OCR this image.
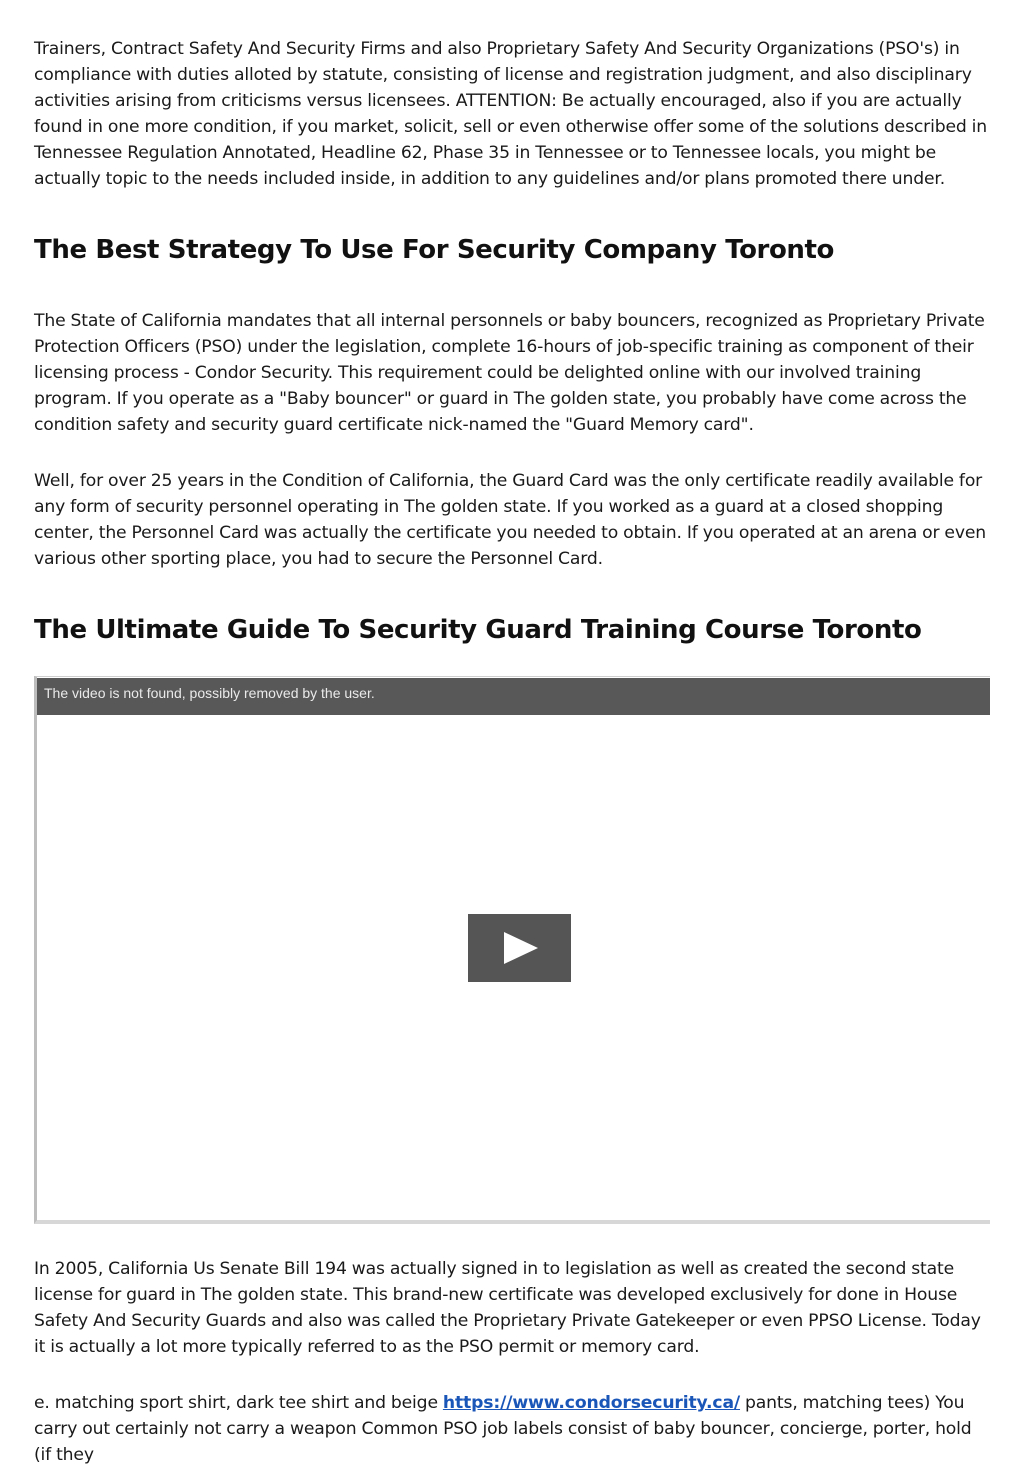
Trainers, Contract Safety And Security Firms and also Proprietary Safety And Security Organizations (PSO's) in compliance with duties alloted by statute, consisting of license and registration judgment, and also disciplinary activities arising from criticisms versus licensees. ATTENTION: Be actually encouraged, also if you are actually found in one more condition, if you market, solicit, sell or even otherwise offer some of the solutions described in Tennessee Regulation Annotated, Headline 62, Phase 35 in Tennessee or to Tennessee locals, you might be actually topic to the needs included inside, in addition to any guidelines and/or plans promoted there under.

The Best Strategy To Use For Security Company Toronto

The State of California mandates that all internal personnels or baby bouncers, recognized as Proprietary Private Protection Officers (PSO) under the legislation, complete 16-hours of job-specific training as component of their licensing process - Condor Security. This requirement could be delighted online with our involved training program. If you operate as a "Baby bouncer" or guard in The golden state, you probably have come across the condition safety and security guard certificate nick-named the "Guard Memory card".

Well, for over 25 years in the Condition of California, the Guard Card was the only certificate readily available for any form of security personnel operating in The golden state. If you worked as a guard at a closed shopping center, the Personnel Card was actually the certificate you needed to obtain. If you operated at an arena or even various other sporting place, you had to secure the Personnel Card.

The Ultimate Guide To Security Guard Training Course Toronto
The video is not found, possibly removed by the user.

In 2005, California Us Senate Bill 194 was actually signed in to legislation as well as created the second state license for guard in The golden state. This brand-new certificate was developed exclusively for done in House Safety And Security Guards and also was called the Proprietary Private Gatekeeper or even PPSO License. Today it is actually a lot more typically referred to as the PSO permit or memory card.

e. matching sport shirt, dark tee shirt and beige https://www.condorsecurity.ca/ pants, matching tees) You carry out certainly not carry a weapon Common PSO job labels consist of baby bouncer, concierge, porter, hold (if they
